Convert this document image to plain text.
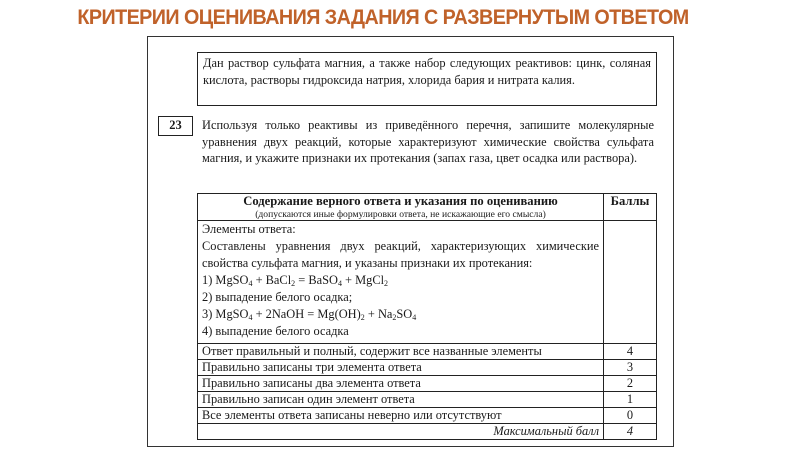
КРИТЕРИИ ОЦЕНИВАНИЯ ЗАДАНИЯ С РАЗВЕРНУТЫМ ОТВЕТОМ
Дан раствор сульфата магния, а также набор следующих реактивов: цинк, соляная кислота, растворы гидроксида натрия, хлорида бария и нитрата калия.
23	Используя только реактивы из приведённого перечня, запишите молекулярные уравнения двух реакций, которые характеризуют химические свойства сульфата магния, и укажите признаки их протекания (запах газа, цвет осадка или раствора).
Содержание верного ответа и указания по оцениванию
(допускаются иные формулировки ответа, не искажающие его смысла)	Баллы

Элементы ответа:
Составлены уравнения двух реакций, характеризующих химические свойства сульфата магния, и указаны признаки их протекания:
1) MgSO$_4$ + BaCl$_2$ = BaSO$_4$ + MgCl$_2$
2) выпадение белого осадка;
3) MgSO$_4$ + 2NaOH = $Mg(OH)_2 + Na_2SO_4$
4) выпадение белого осадка

Ответ правильный и полный, содержит все названные элементы	4
Правильно записаны три элемента ответа	3
Правильно записаны два элемента ответа	2
Правильно записан один элемент ответа	1
Все элементы ответа записаны неверно или отсутствуют	0
Максимальный балл	4
